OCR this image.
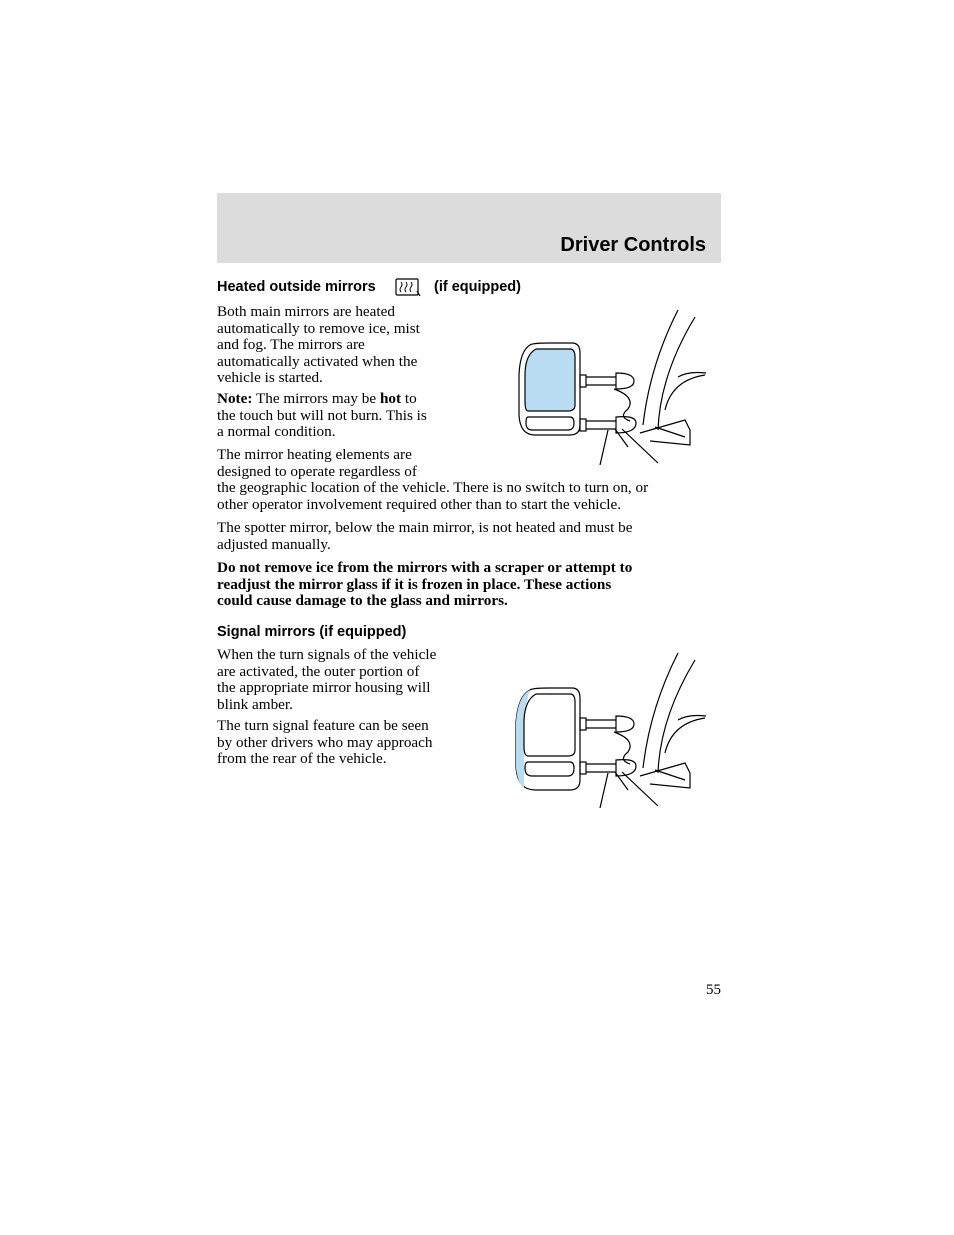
Driver Controls
Heated outside mirrors	(if equipped)
Both main mirrors are heated
automatically to remove ice, mist
and fog. The mirrors are
automatically activated when the
vehicle is started.
Note: The mirrors may be hot to
the touch but will not burn. This is
a normal condition.
The mirror heating elements are
designed to operate regardless of
the geographic location of the vehicle. There is no switch to turn on, or
other operator involvement required other than to start the vehicle.
The spotter mirror, below the main mirror, is not heated and must be
adjusted manually.
Do not remove ice from the mirrors with a scraper or attempt to
readjust the mirror glass if it is frozen in place. These actions
could cause damage to the glass and mirrors.
Signal mirrors (if equipped)
When the turn signals of the vehicle
are activated, the outer portion of
the appropriate mirror housing will
blink amber.
The turn signal feature can be seen
by other drivers who may approach
from the rear of the vehicle.
55
